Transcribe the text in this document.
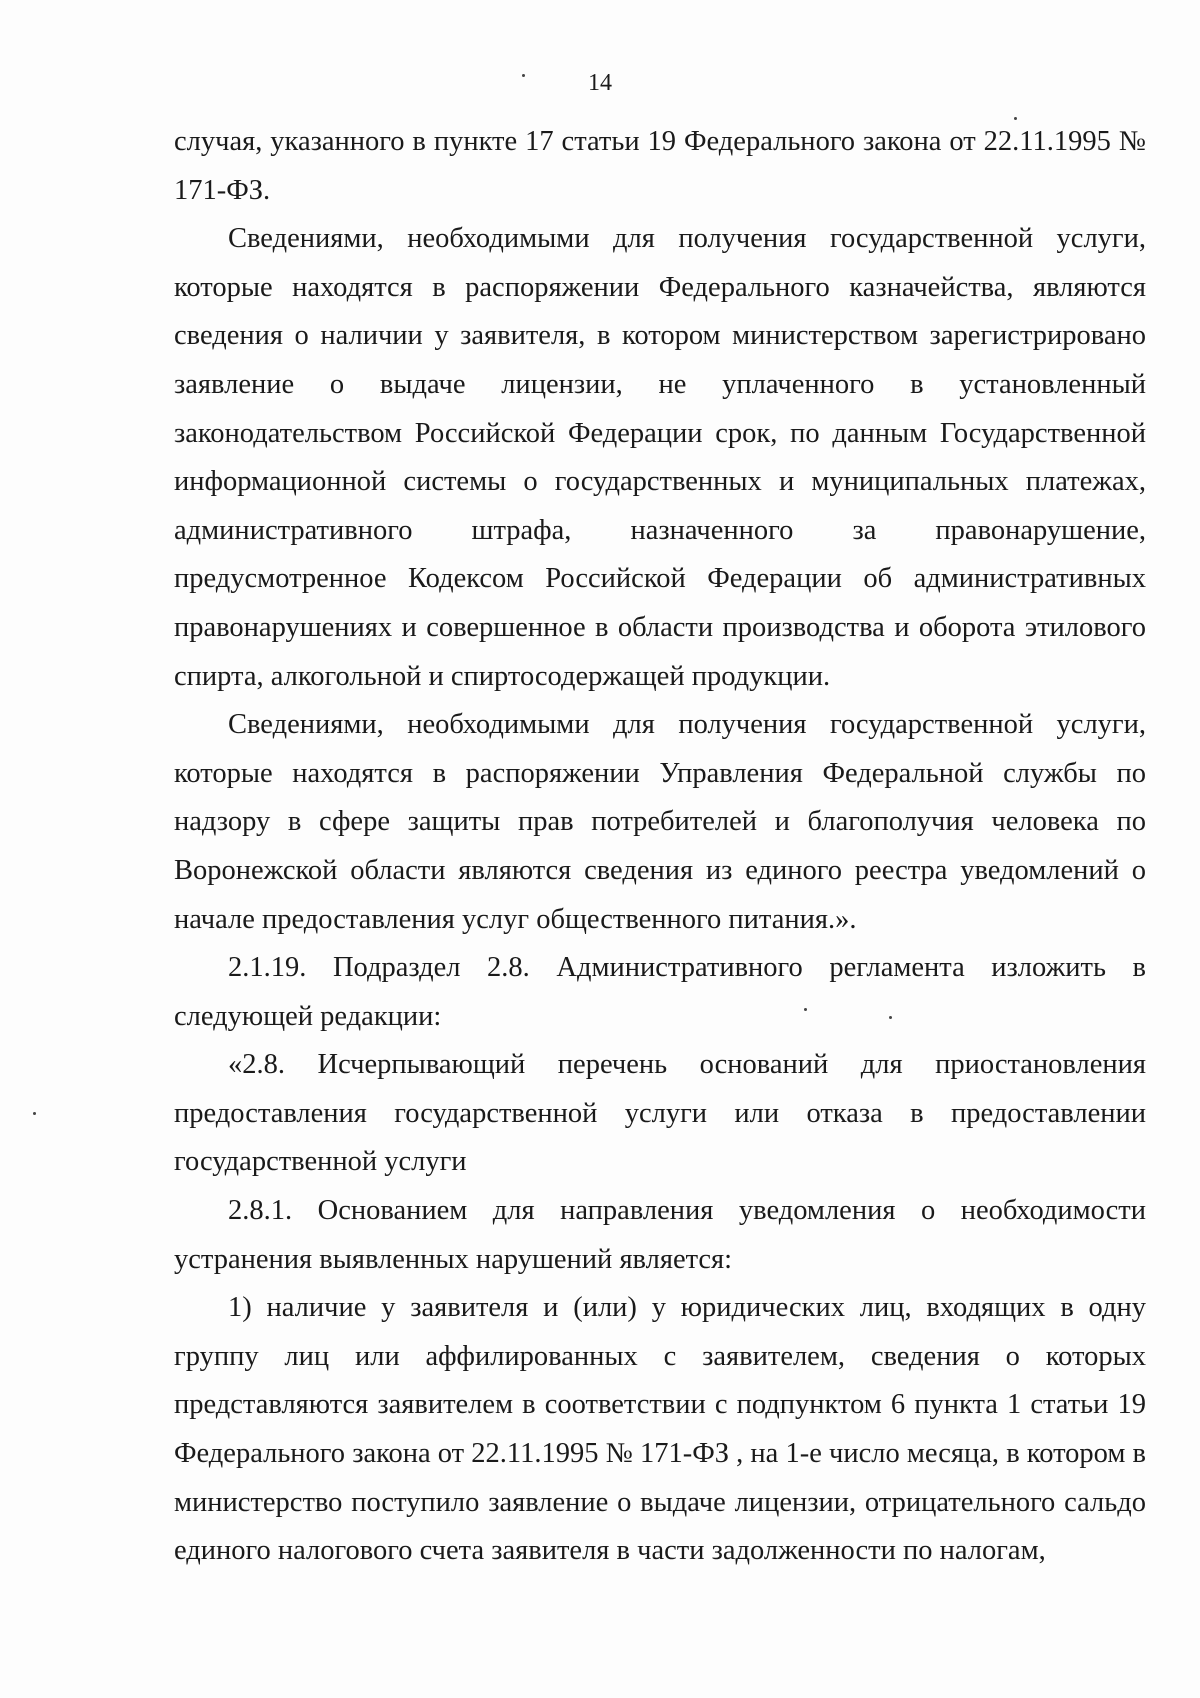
14

случая, указанного в пункте 17 статьи 19 Федерального закона от 22.11.1995 № 171-ФЗ.

Сведениями, необходимыми для получения государственной услуги, которые находятся в распоряжении Федерального казначейства, являются сведения о наличии у заявителя, в котором министерством зарегистрировано заявление о выдаче лицензии, не уплаченного в установленный законодательством Российской Федерации срок, по данным Государственной информационной системы о государственных и муниципальных платежах, административного штрафа, назначенного за правонарушение, предусмотренное Кодексом Российской Федерации об административных правонарушениях и совершенное в области производства и оборота этилового спирта, алкогольной и спиртосодержащей продукции.

Сведениями, необходимыми для получения государственной услуги, которые находятся в распоряжении Управления Федеральной службы по надзору в сфере защиты прав потребителей и благополучия человека по Воронежской области являются сведения из единого реестра уведомлений о начале предоставления услуг общественного питания.».

2.1.19. Подраздел 2.8. Административного регламента изложить в следующей редакции:

«2.8. Исчерпывающий перечень оснований для приостановления предоставления государственной услуги или отказа в предоставлении государственной услуги

2.8.1. Основанием для направления уведомления о необходимости устранения выявленных нарушений является:

1) наличие у заявителя и (или) у юридических лиц, входящих в одну группу лиц или аффилированных с заявителем, сведения о которых представляются заявителем в соответствии с подпунктом 6 пункта 1 статьи 19 Федерального закона от 22.11.1995 № 171-ФЗ , на 1-е число месяца, в котором в министерство поступило заявление о выдаче лицензии, отрицательного сальдо единого налогового счета заявителя в части задолженности по налогам,
